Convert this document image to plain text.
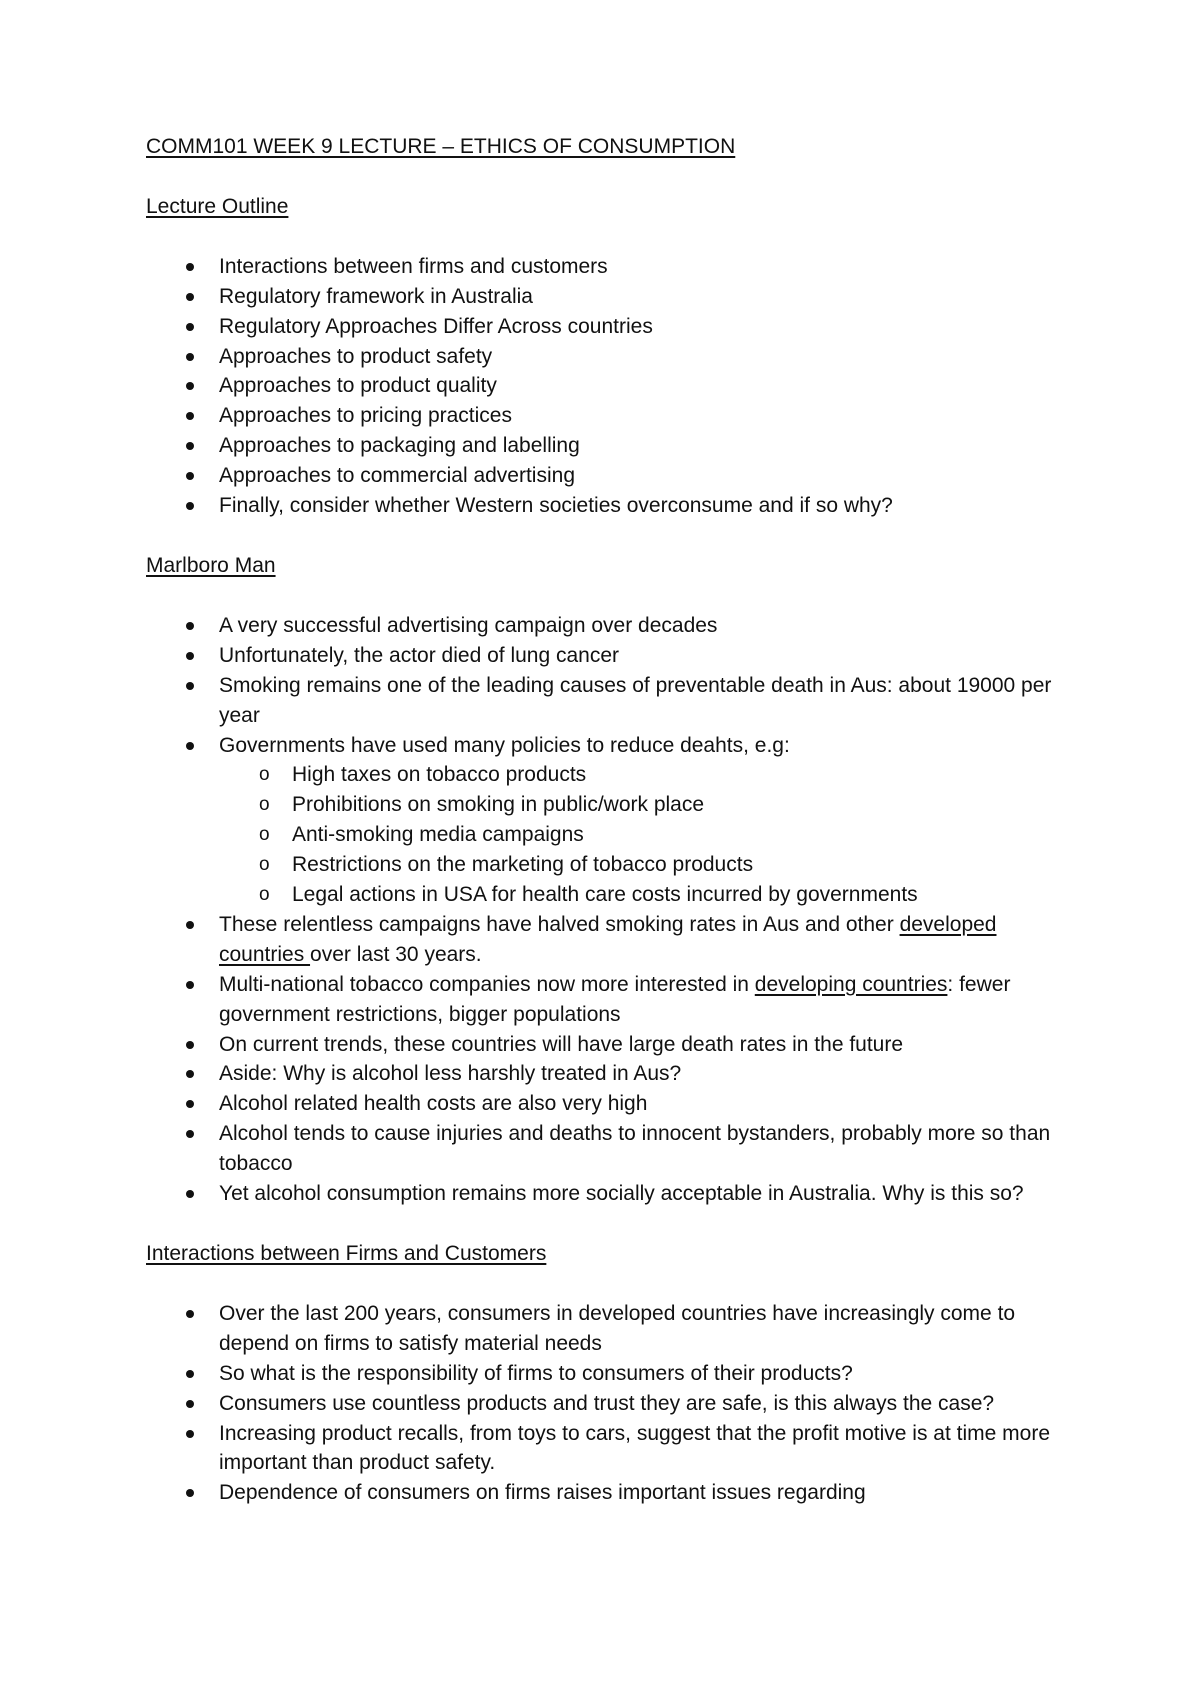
COMM101 WEEK 9 LECTURE – ETHICS OF CONSUMPTION
Lecture Outline
Interactions between firms and customers
Regulatory framework in Australia
Regulatory Approaches Differ Across countries
Approaches to product safety
Approaches to product quality
Approaches to pricing practices
Approaches to packaging and labelling
Approaches to commercial advertising
Finally, consider whether Western societies overconsume and if so why?
Marlboro Man
A very successful advertising campaign over decades
Unfortunately, the actor died of lung cancer
Smoking remains one of the leading causes of preventable death in Aus: about 19000 per year
Governments have used many policies to reduce deahts, e.g:
o High taxes on tobacco products
o Prohibitions on smoking in public/work place
o Anti-smoking media campaigns
o Restrictions on the marketing of tobacco products
o Legal actions in USA for health care costs incurred by governments
These relentless campaigns have halved smoking rates in Aus and other developed countries over last 30 years.
Multi-national tobacco companies now more interested in developing countries: fewer government restrictions, bigger populations
On current trends, these countries will have large death rates in the future
Aside: Why is alcohol less harshly treated in Aus?
Alcohol related health costs are also very high
Alcohol tends to cause injuries and deaths to innocent bystanders, probably more so than tobacco
Yet alcohol consumption remains more socially acceptable in Australia. Why is this so?
Interactions between Firms and Customers
Over the last 200 years, consumers in developed countries have increasingly come to depend on firms to satisfy material needs
So what is the responsibility of firms to consumers of their products?
Consumers use countless products and trust they are safe, is this always the case?
Increasing product recalls, from toys to cars, suggest that the profit motive is at time more important than product safety.
Dependence of consumers on firms raises important issues regarding
